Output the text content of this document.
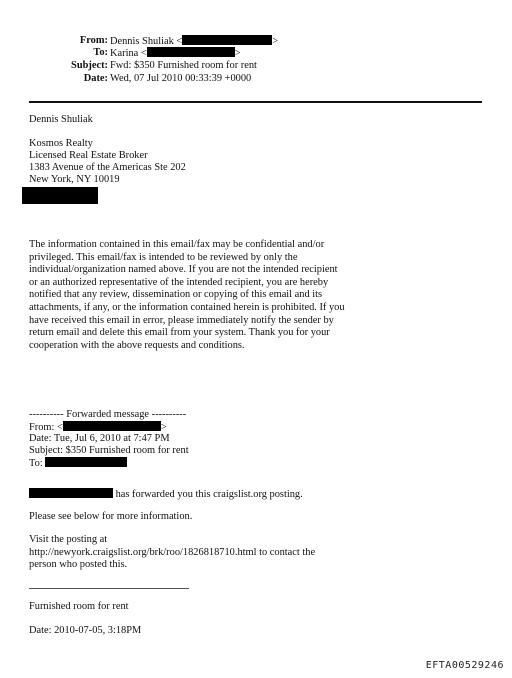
From: Dennis Shuliak <	>
To: Karina <	>
Subject: Fwd: $350 Furnished room for rent
Date: Wed, 07 Jul 2010 00:33:39 +0000
Dennis Shuliak
Kosmos Realty
Licensed Real Estate Broker
1383 Avenue of the Americas Ste 202
New York, NY 10019
The information contained in this email/fax may be confidential and/or privileged. This email/fax is intended to be reviewed by only the individual/organization named above. If you are not the intended recipient or an authorized representative of the intended recipient, you are hereby notified that any review, dissemination or copying of this email and its attachments, if any, or the information contained herein is prohibited. If you have received this email in error, please immediately notify the sender by return email and delete this email from your system. Thank you for your cooperation with the above requests and conditions.
---------- Forwarded message ----------
From: <	>
Date: Tue, Jul 6, 2010 at 7:47 PM
Subject: $350 Furnished room for rent
To:
has forwarded you this craigslist.org posting.
Please see below for more information.
Visit the posting at http://newyork.craigslist.org/brk/roo/1826818710.html to contact the person who posted this.
Furnished room for rent
Date: 2010-07-05, 3:18PM
EFTA00529246
